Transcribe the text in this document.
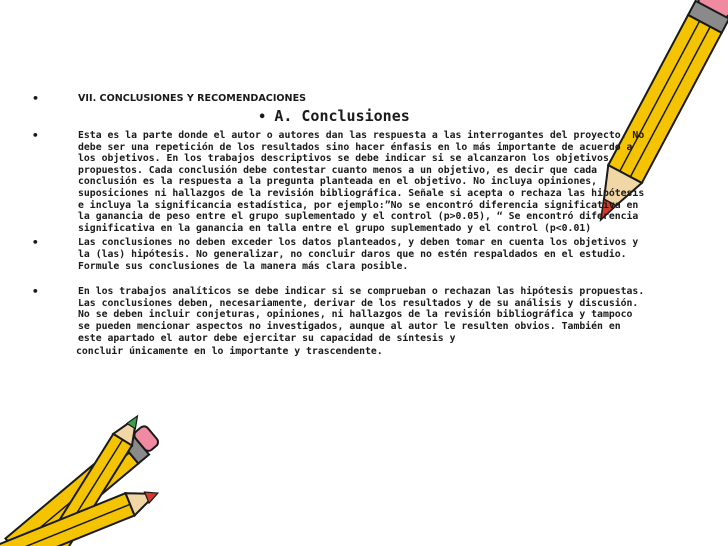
•	VII. CONCLUSIONES Y RECOMENDACIONES
• A. Conclusiones
•	Esta es la parte donde el autor o autores dan las respuesta a las interrogantes del proyecto. No debe ser una repetición de los resultados sino hacer énfasis en lo más importante de acuerdo a los objetivos. En los trabajos descriptivos se debe indicar si se alcanzaron los objetivos propuestos. Cada conclusión debe contestar cuanto menos a un objetivo, es decir que cada conclusión es la respuesta a la pregunta planteada en el objetivo. No incluya opiniones, suposiciones ni hallazgos de la revisión bibliográfica. Señale si acepta o rechaza las hipótesis e incluya la significancia estadística, por ejemplo:”No se encontró diferencia significativa en la ganancia de peso entre el grupo suplementado y el control (p>0.05), “ Se encontró diferencia significativa en la ganancia en talla entre el grupo suplementado y el control (p<0.01)
•	Las conclusiones no deben exceder los datos planteados, y deben tomar en cuenta los objetivos y la (las) hipótesis. No generalizar, no concluir daros que no estén respaldados en el estudio. Formule sus conclusiones de la manera más clara posible.
•	En los trabajos analíticos se debe indicar si se comprueban o rechazan las hipótesis propuestas. Las conclusiones deben, necesariamente, derivar de los resultados y de su análisis y discusión. No se deben incluir conjeturas, opiniones, ni hallazgos de la revisión bibliográfica y tampoco se pueden mencionar aspectos no investigados, aunque al autor le resulten obvios. También en este apartado el autor debe ejercitar su capacidad de síntesis y
concluir únicamente en lo importante y trascendente.
